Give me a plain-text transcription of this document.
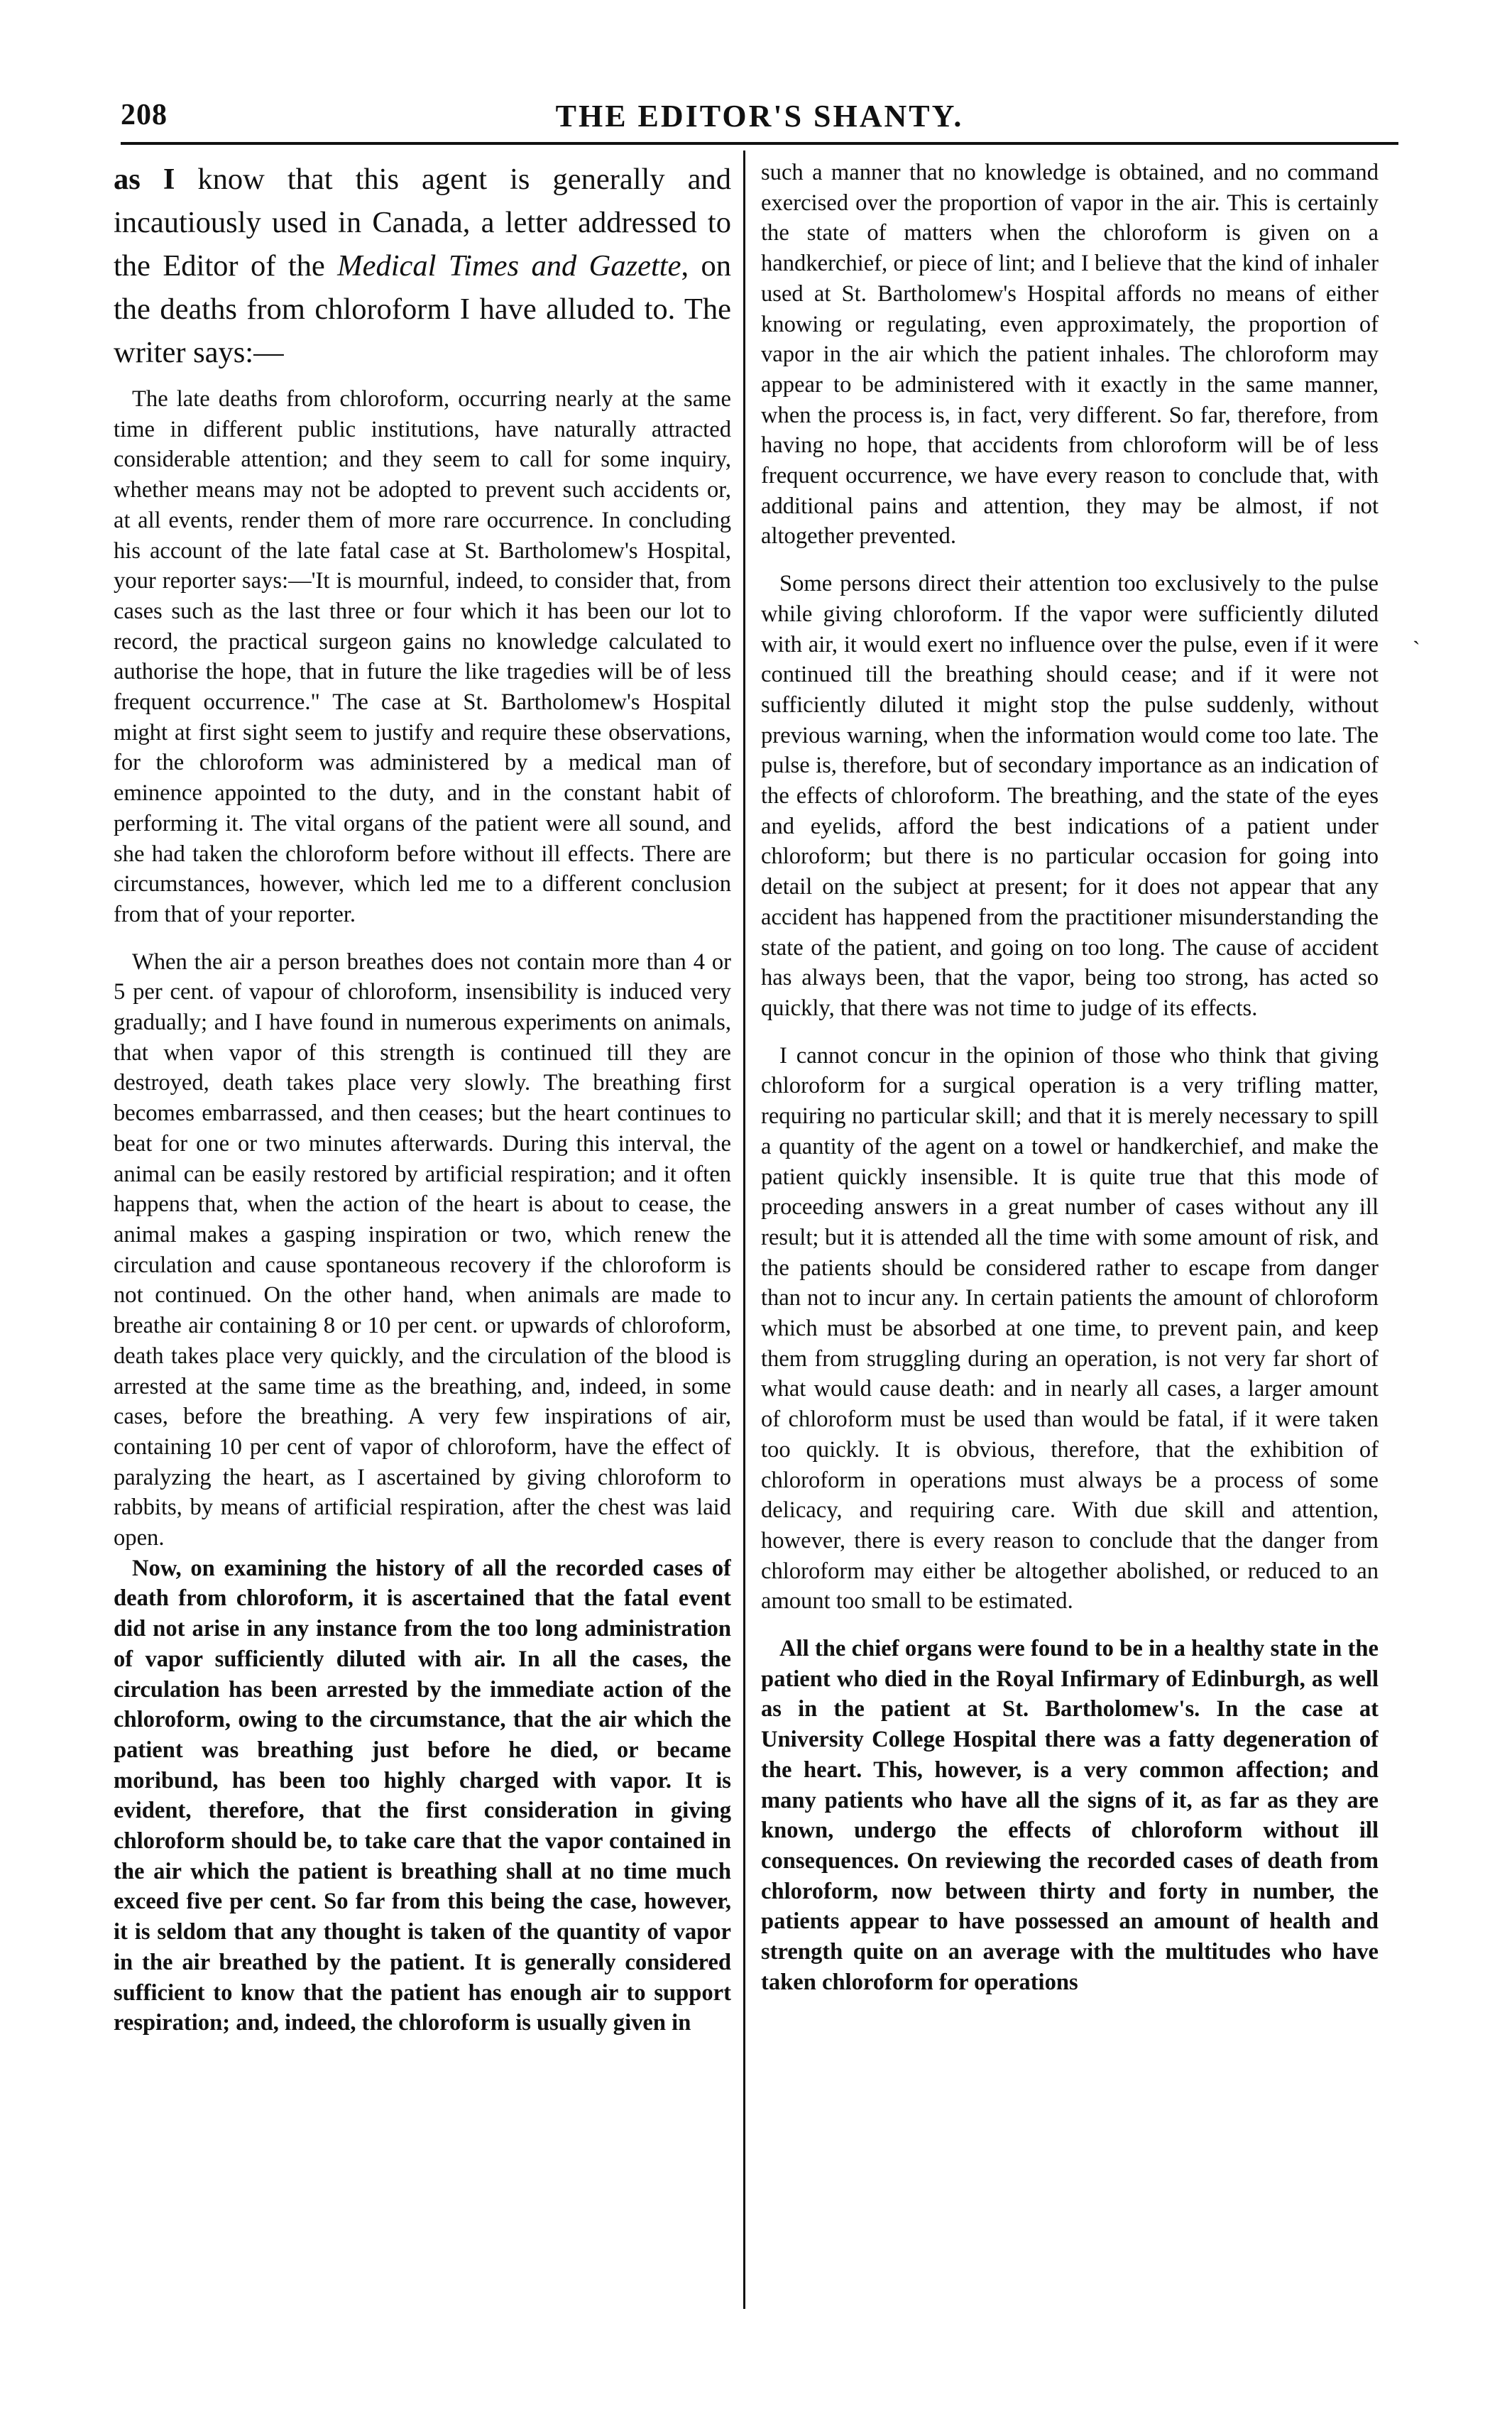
208	THE EDITOR'S SHANTY.

as I know that this agent is generally and incautiously used in Canada, a letter addressed to the Editor of the Medical Times and Gazette, on the deaths from chloroform I have alluded to. The writer says:—

The late deaths from chloroform, occurring nearly at the same time in different public institutions, have naturally attracted considerable attention; and they seem to call for some inquiry, whether means may not be adopted to prevent such accidents or, at all events, render them of more rare occurrence. In concluding his account of the late fatal case at St. Bartholomew's Hospital, your reporter says:—'It is mournful, indeed, to consider that, from cases such as the last three or four which it has been our lot to record, the practical surgeon gains no knowledge calculated to authorise the hope, that in future the like tragedies will be of less frequent occurrence." The case at St. Bartholomew's Hospital might at first sight seem to justify and require these observations, for the chloroform was administered by a medical man of eminence appointed to the duty, and in the constant habit of performing it. The vital organs of the patient were all sound, and she had taken the chloroform before without ill effects. There are circumstances, however, which led me to a different conclusion from that of your reporter.

When the air a person breathes does not contain more than 4 or 5 per cent. of vapour of chloroform, insensibility is induced very gradually; and I have found in numerous experiments on animals, that when vapor of this strength is continued till they are destroyed, death takes place very slowly. The breathing first becomes embarrassed, and then ceases; but the heart continues to beat for one or two minutes afterwards. During this interval, the animal can be easily restored by artificial respiration; and it often happens that, when the action of the heart is about to cease, the animal makes a gasping inspiration or two, which renew the circulation and cause spontaneous recovery if the chloroform is not continued. On the other hand, when animals are made to breathe air containing 8 or 10 per cent. or upwards of chloroform, death takes place very quickly, and the circulation of the blood is arrested at the same time as the breathing, and, indeed, in some cases, before the breathing. A very few inspirations of air, containing 10 per cent of vapor of chloroform, have the effect of paralyzing the heart, as I ascertained by giving chloroform to rabbits, by means of artificial respiration, after the chest was laid open.

Now, on examining the history of all the recorded cases of death from chloroform, it is ascertained that the fatal event did not arise in any instance from the too long administration of vapor sufficiently diluted with air. In all the cases, the circulation has been arrested by the immediate action of the chloroform, owing to the circumstance, that the air which the patient was breathing just before he died, or became moribund, has been too highly charged with vapor. It is evident, therefore, that the first consideration in giving chloroform should be, to take care that the vapor contained in the air which the patient is breathing shall at no time much exceed five per cent. So far from this being the case, however, it is seldom that any thought is taken of the quantity of vapor in the air breathed by the patient. It is generally considered sufficient to know that the patient has enough air to support respiration; and, indeed, the chloroform is usually given in

such a manner that no knowledge is obtained, and no command exercised over the proportion of vapor in the air. This is certainly the state of matters when the chloroform is given on a handkerchief, or piece of lint; and I believe that the kind of inhaler used at St. Bartholomew's Hospital affords no means of either knowing or regulating, even approximately, the proportion of vapor in the air which the patient inhales. The chloroform may appear to be administered with it exactly in the same manner, when the process is, in fact, very different. So far, therefore, from having no hope, that accidents from chloroform will be of less frequent occurrence, we have every reason to conclude that, with additional pains and attention, they may be almost, if not altogether prevented.

Some persons direct their attention too exclusively to the pulse while giving chloroform. If the vapor were sufficiently diluted with air, it would exert no influence over the pulse, even if it were continued till the breathing should cease; and if it were not sufficiently diluted it might stop the pulse suddenly, without previous warning, when the information would come too late. The pulse is, therefore, but of secondary importance as an indication of the effects of chloroform. The breathing, and the state of the eyes and eyelids, afford the best indications of a patient under chloroform; but there is no particular occasion for going into detail on the subject at present; for it does not appear that any accident has happened from the practitioner misunderstanding the state of the patient, and going on too long. The cause of accident has always been, that the vapor, being too strong, has acted so quickly, that there was not time to judge of its effects.

I cannot concur in the opinion of those who think that giving chloroform for a surgical operation is a very trifling matter, requiring no particular skill; and that it is merely necessary to spill a quantity of the agent on a towel or handkerchief, and make the patient quickly insensible. It is quite true that this mode of proceeding answers in a great number of cases without any ill result; but it is attended all the time with some amount of risk, and the patients should be considered rather to escape from danger than not to incur any. In certain patients the amount of chloroform which must be absorbed at one time, to prevent pain, and keep them from struggling during an operation, is not very far short of what would cause death: and in nearly all cases, a larger amount of chloroform must be used than would be fatal, if it were taken too quickly. It is obvious, therefore, that the exhibition of chloroform in operations must always be a process of some delicacy, and requiring care. With due skill and attention, however, there is every reason to conclude that the danger from chloroform may either be altogether abolished, or reduced to an amount too small to be estimated.

All the chief organs were found to be in a healthy state in the patient who died in the Royal Infirmary of Edinburgh, as well as in the patient at St. Bartholomew's. In the case at University College Hospital there was a fatty degeneration of the heart. This, however, is a very common affection; and many patients who have all the signs of it, as far as they are known, undergo the effects of chloroform without ill consequences. On reviewing the recorded cases of death from chloroform, now between thirty and forty in number, the patients appear to have possessed an amount of health and strength quite on an average with the multitudes who have taken chloroform for operations

`
